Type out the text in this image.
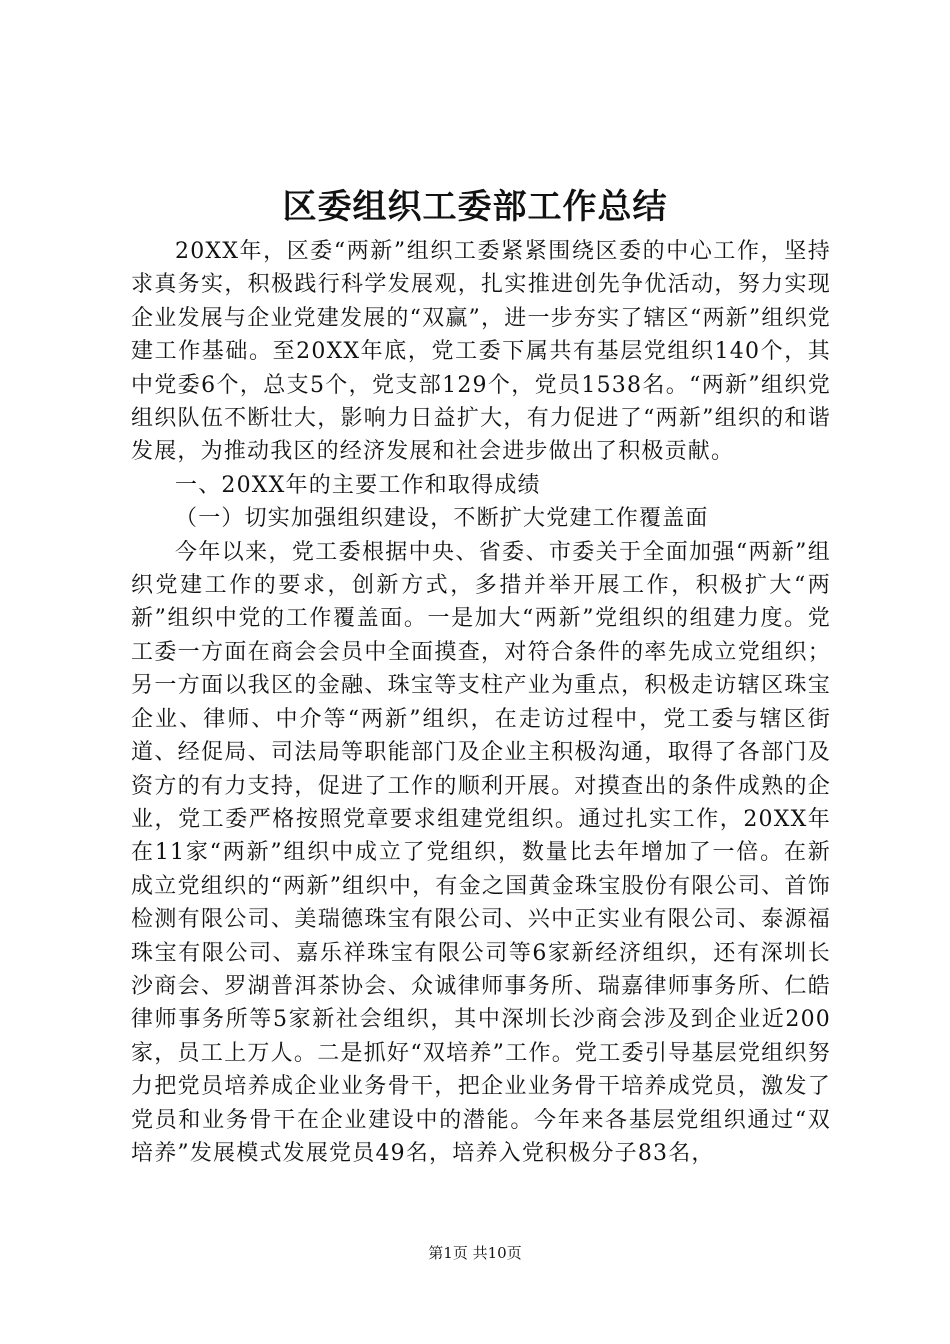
区委组织工委部工作总结

20XX年，区委“两新”组织工委紧紧围绕区委的中心工作，坚持求真务实，积极践行科学发展观，扎实推进创先争优活动，努力实现企业发展与企业党建发展的“双赢”，进一步夯实了辖区“两新”组织党建工作基础。至20XX年底，党工委下属共有基层党组织140个，其中党委6个，总支5个，党支部129个，党员1538名。“两新”组织党组织队伍不断壮大，影响力日益扩大，有力促进了“两新”组织的和谐发展，为推动我区的经济发展和社会进步做出了积极贡献。

一、20XX年的主要工作和取得成绩

（一）切实加强组织建设，不断扩大党建工作覆盖面

今年以来，党工委根据中央、省委、市委关于全面加强“两新”组织党建工作的要求，创新方式，多措并举开展工作，积极扩大“两新”组织中党的工作覆盖面。一是加大“两新”党组织的组建力度。党工委一方面在商会会员中全面摸查，对符合条件的率先成立党组织；另一方面以我区的金融、珠宝等支柱产业为重点，积极走访辖区珠宝企业、律师、中介等“两新”组织，在走访过程中，党工委与辖区街道、经促局、司法局等职能部门及企业主积极沟通，取得了各部门及资方的有力支持，促进了工作的顺利开展。对摸查出的条件成熟的企业，党工委严格按照党章要求组建党组织。通过扎实工作，20XX年在11家“两新”组织中成立了党组织，数量比去年增加了一倍。在新成立党组织的“两新”组织中，有金之国黄金珠宝股份有限公司、首饰检测有限公司、美瑞德珠宝有限公司、兴中正实业有限公司、泰源福珠宝有限公司、嘉乐祥珠宝有限公司等6家新经济组织，还有深圳长沙商会、罗湖普洱茶协会、众诚律师事务所、瑞嘉律师事务所、仁皓律师事务所等5家新社会组织，其中深圳长沙商会涉及到企业近200家，员工上万人。二是抓好“双培养”工作。党工委引导基层党组织努力把党员培养成企业业务骨干，把企业业务骨干培养成党员，激发了党员和业务骨干在企业建设中的潜能。今年来各基层党组织通过“双培养”发展模式发展党员49名，培养入党积极分子83名，

第1页 共10页
